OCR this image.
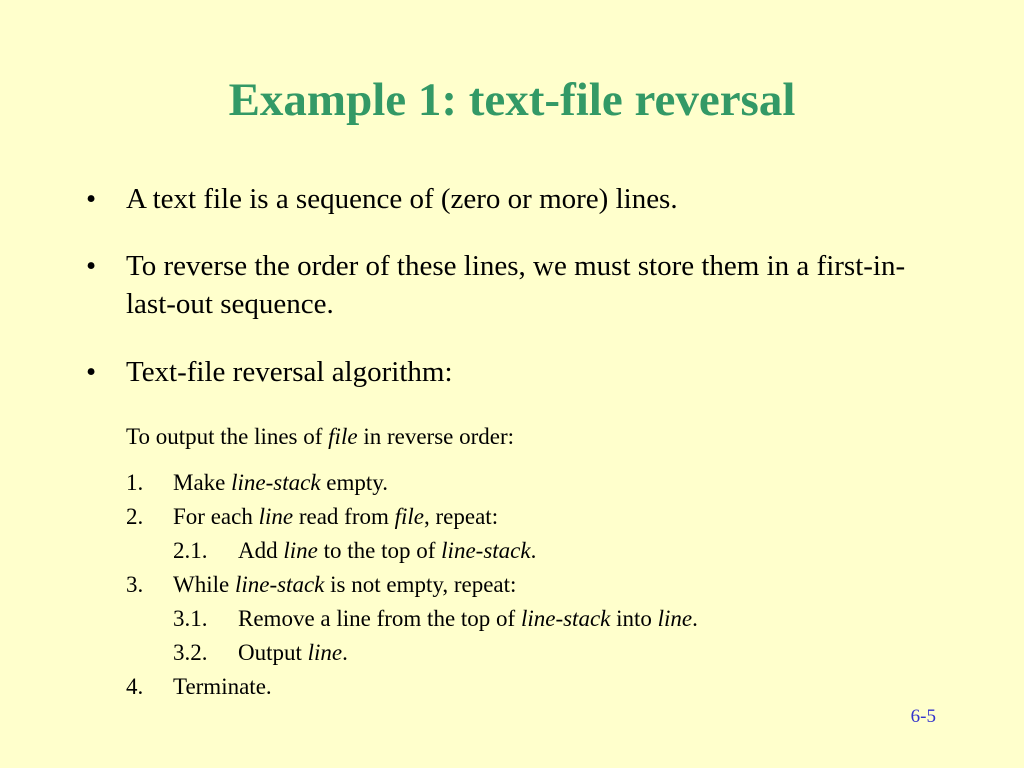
Example 1: text-file reversal
•	A text file is a sequence of (zero or more) lines.
•	To reverse the order of these lines, we must store them in a first-in-last-out sequence.
•	Text-file reversal algorithm:
To output the lines of file in reverse order:
1. Make line-stack empty.
2. For each line read from file, repeat:
2.1. Add line to the top of line-stack.
3. While line-stack is not empty, repeat:
3.1. Remove a line from the top of line-stack into line.
3.2. Output line.
4. Terminate.
6-5
